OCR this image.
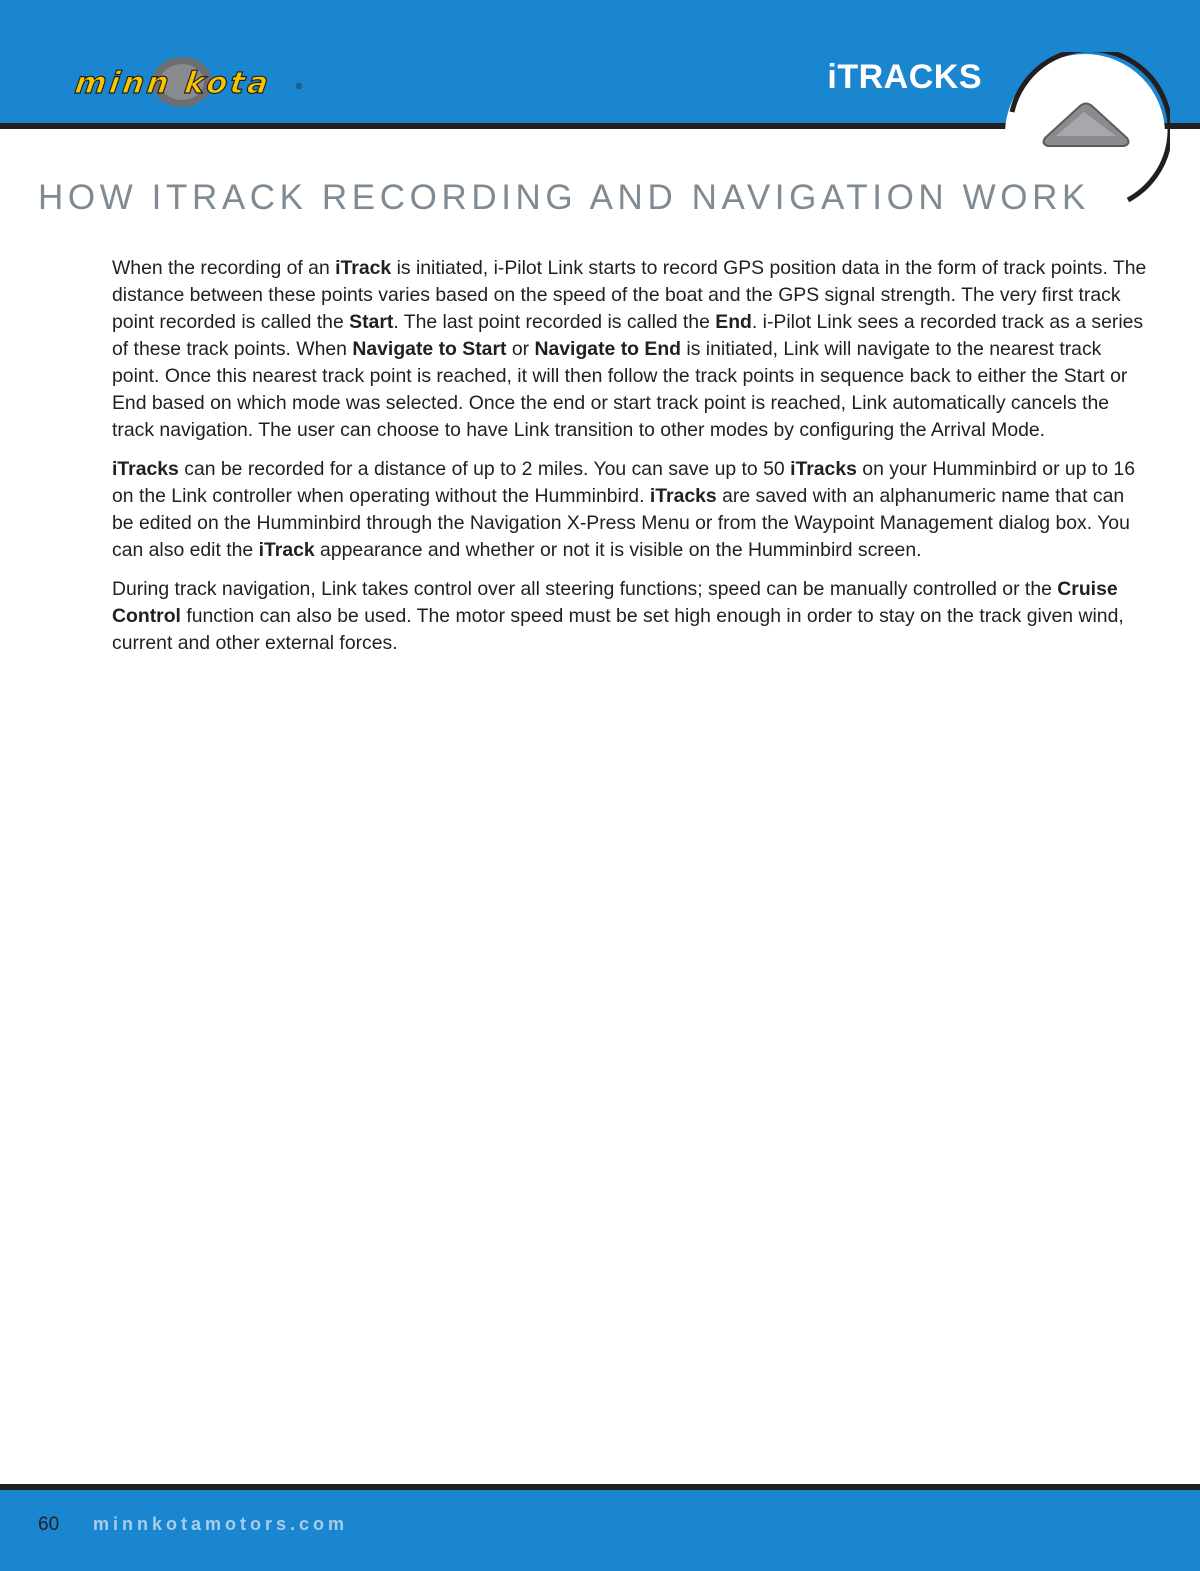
minn kota	®	iTRACKS
HOW ITRACK RECORDING AND NAVIGATION WORK

When the recording of an iTrack is initiated, i-Pilot Link starts to record GPS position data in the form of track points. The distance between these points varies based on the speed of the boat and the GPS signal strength. The very first track point recorded is called the Start. The last point recorded is called the End. i-Pilot Link sees a recorded track as a series of these track points. When Navigate to Start or Navigate to End is initiated, Link will navigate to the nearest track point. Once this nearest track point is reached, it will then follow the track points in sequence back to either the Start or End based on which mode was selected. Once the end or start track point is reached, Link automatically cancels the track navigation. The user can choose to have Link transition to other modes by configuring the Arrival Mode.

iTracks can be recorded for a distance of up to 2 miles. You can save up to 50 iTracks on your Humminbird or up to 16 on the Link controller when operating without the Humminbird. iTracks are saved with an alphanumeric name that can be edited on the Humminbird through the Navigation X-Press Menu or from the Waypoint Management dialog box. You can also edit the iTrack appearance and whether or not it is visible on the Humminbird screen.

During track navigation, Link takes control over all steering functions; speed can be manually controlled or the Cruise Control function can also be used. The motor speed must be set high enough in order to stay on the track given wind, current and other external forces.

60 minnkotamotors.com
